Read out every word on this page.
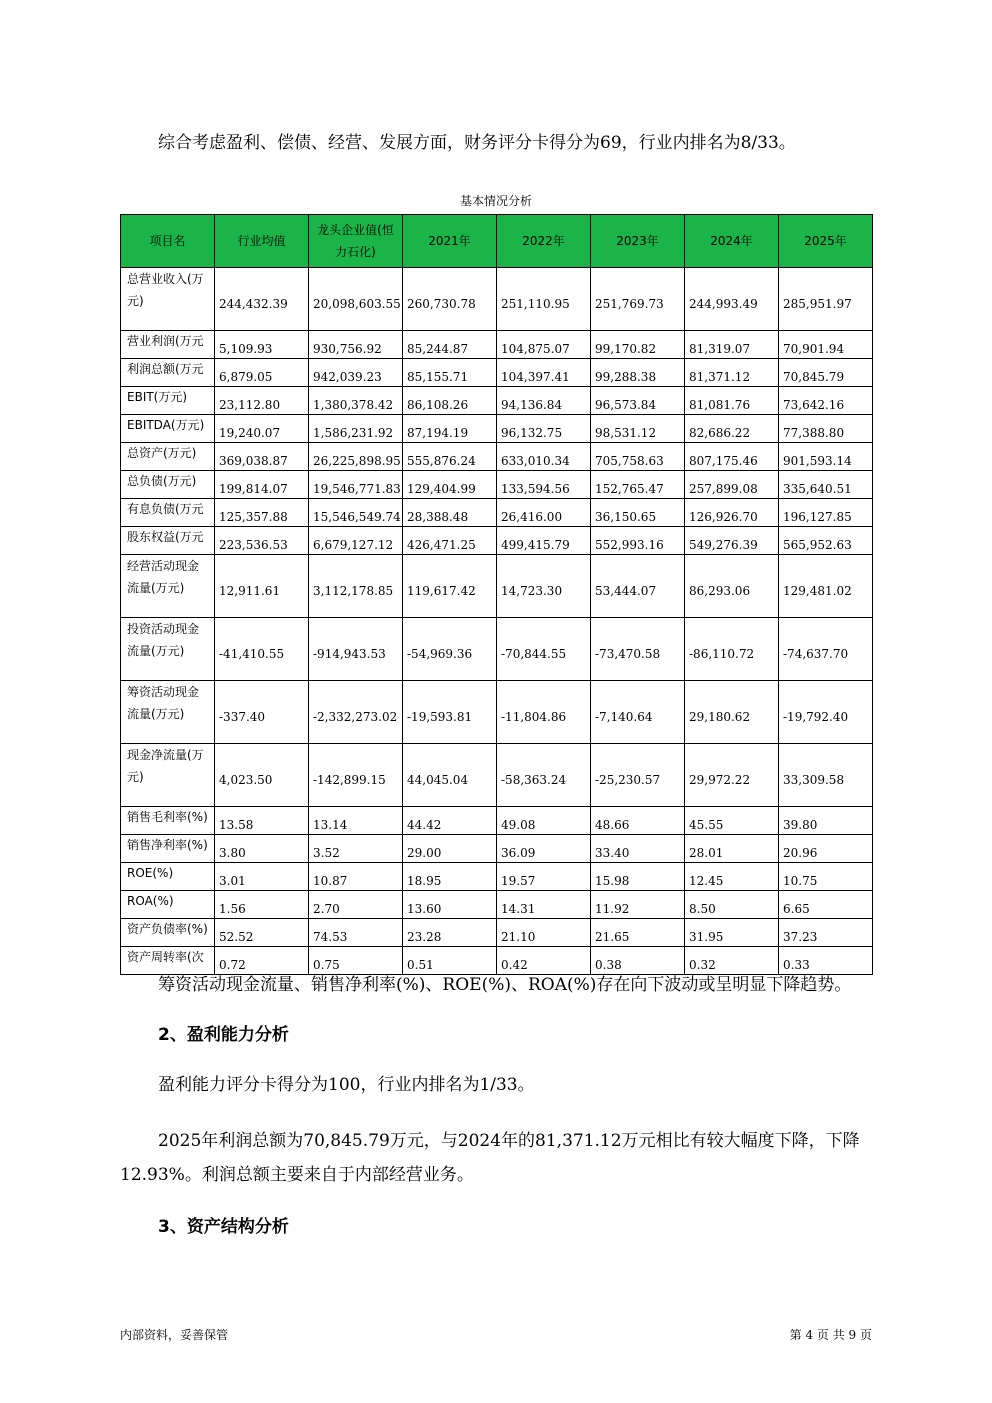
综合考虑盈利、偿债、经营、发展方面，财务评分卡得分为69，行业内排名为8/33。
基本情况分析
项目名	行业均值	龙头企业值(恒力石化)	2021年	2022年	2023年	2024年	2025年
总营业收入(万元)	244,432.39	20,098,603.55	260,730.78	251,110.95	251,769.73	244,993.49	285,951.97
营业利润(万元	5,109.93	930,756.92	85,244.87	104,875.07	99,170.82	81,319.07	70,901.94
利润总额(万元	6,879.05	942,039.23	85,155.71	104,397.41	99,288.38	81,371.12	70,845.79
EBIT(万元)	23,112.80	1,380,378.42	86,108.26	94,136.84	96,573.84	81,081.76	73,642.16
EBITDA(万元)	19,240.07	1,586,231.92	87,194.19	96,132.75	98,531.12	82,686.22	77,388.80
总资产(万元)	369,038.87	26,225,898.95	555,876.24	633,010.34	705,758.63	807,175.46	901,593.14
总负债(万元)	199,814.07	19,546,771.83	129,404.99	133,594.56	152,765.47	257,899.08	335,640.51
有息负债(万元	125,357.88	15,546,549.74	28,388.48	26,416.00	36,150.65	126,926.70	196,127.85
股东权益(万元	223,536.53	6,679,127.12	426,471.25	499,415.79	552,993.16	549,276.39	565,952.63
经营活动现金流量(万元)	12,911.61	3,112,178.85	119,617.42	14,723.30	53,444.07	86,293.06	129,481.02
投资活动现金流量(万元)	-41,410.55	-914,943.53	-54,969.36	-70,844.55	-73,470.58	-86,110.72	-74,637.70
筹资活动现金流量(万元)	-337.40	-2,332,273.02	-19,593.81	-11,804.86	-7,140.64	29,180.62	-19,792.40
现金净流量(万元)	4,023.50	-142,899.15	44,045.04	-58,363.24	-25,230.57	29,972.22	33,309.58
销售毛利率(%)	13.58	13.14	44.42	49.08	48.66	45.55	39.80
销售净利率(%)	3.80	3.52	29.00	36.09	33.40	28.01	20.96
ROE(%)	3.01	10.87	18.95	19.57	15.98	12.45	10.75
ROA(%)	1.56	2.70	13.60	14.31	11.92	8.50	6.65
资产负债率(%)	52.52	74.53	23.28	21.10	21.65	31.95	37.23
资产周转率(次	0.72	0.75	0.51	0.42	0.38	0.32	0.33
筹资活动现金流量、销售净利率(%)、ROE(%)、ROA(%)存在向下波动或呈明显下降趋势。
2、盈利能力分析
盈利能力评分卡得分为100，行业内排名为1/33。
2025年利润总额为70,845.79万元，与2024年的81,371.12万元相比有较大幅度下降，下降
12.93%。利润总额主要来自于内部经营业务。
3、资产结构分析
内部资料，妥善保管	第 4 页 共 9 页
